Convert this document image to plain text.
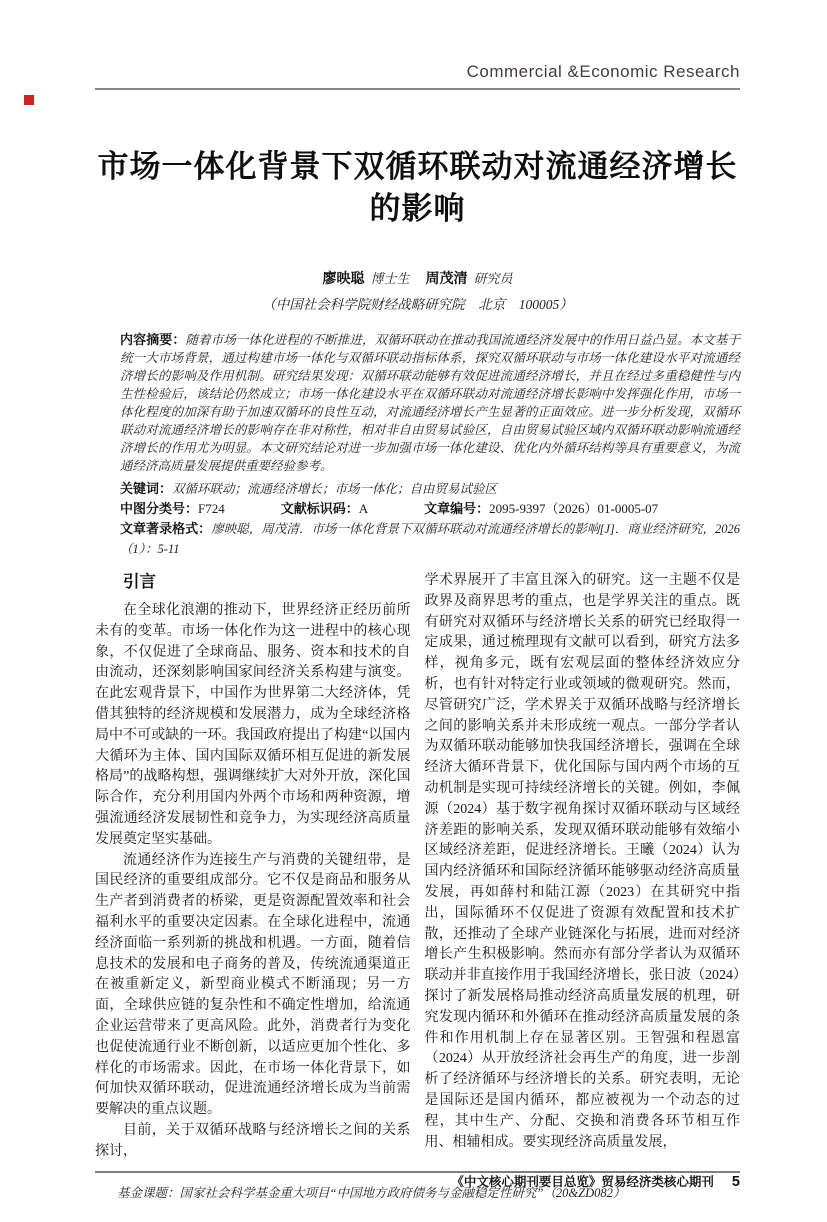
Commercial &Economic Research
市场一体化背景下双循环联动对流通经济增长的影响
廖映聪 博士生 周茂清 研究员
（中国社会科学院财经战略研究院　北京　100005）

内容摘要：随着市场一体化进程的不断推进，双循环联动在推动我国流通经济发展中的作用日益凸显。本文基于统一大市场背景，通过构建市场一体化与双循环联动指标体系，探究双循环联动与市场一体化建设水平对流通经济增长的影响及作用机制。研究结果发现：双循环联动能够有效促进流通经济增长，并且在经过多重稳健性与内生性检验后，该结论仍然成立；市场一体化建设水平在双循环联动对流通经济增长影响中发挥强化作用，市场一体化程度的加深有助于加速双循环的良性互动，对流通经济增长产生显著的正面效应。进一步分析发现，双循环联动对流通经济增长的影响存在非对称性，相对非自由贸易试验区，自由贸易试验区域内双循环联动影响流通经济增长的作用尤为明显。本文研究结论对进一步加强市场一体化建设、优化内外循环结构等具有重要意义，为流通经济高质量发展提供重要经验参考。

关键词：双循环联动；流通经济增长；市场一体化；自由贸易试验区

中图分类号：F724	文献标识码：A	文章编号：2095-9397（2026）01-0005-07

文章著录格式：廖映聪，周茂清．市场一体化背景下双循环联动对流通经济增长的影响[J]．商业经济研究，2026（1）：5-11

引言

在全球化浪潮的推动下，世界经济正经历前所未有的变革。市场一体化作为这一进程中的核心现象，不仅促进了全球商品、服务、资本和技术的自由流动，还深刻影响国家间经济关系构建与演变。在此宏观背景下，中国作为世界第二大经济体，凭借其独特的经济规模和发展潜力，成为全球经济格局中不可或缺的一环。我国政府提出了构建“以国内大循环为主体、国内国际双循环相互促进的新发展格局”的战略构想，强调继续扩大对外开放，深化国际合作，充分利用国内外两个市场和两种资源，增强流通经济发展韧性和竞争力，为实现经济高质量发展奠定坚实基础。

流通经济作为连接生产与消费的关键纽带，是国民经济的重要组成部分。它不仅是商品和服务从生产者到消费者的桥梁，更是资源配置效率和社会福利水平的重要决定因素。在全球化进程中，流通经济面临一系列新的挑战和机遇。一方面，随着信息技术的发展和电子商务的普及，传统流通渠道正在被重新定义，新型商业模式不断涌现；另一方面，全球供应链的复杂性和不确定性增加，给流通企业运营带来了更高风险。此外，消费者行为变化也促使流通行业不断创新，以适应更加个性化、多样化的市场需求。因此，在市场一体化背景下，如何加快双循环联动，促进流通经济增长成为当前需要解决的重点议题。

目前，关于双循环战略与经济增长之间的关系探讨，

学术界展开了丰富且深入的研究。这一主题不仅是政界及商界思考的重点，也是学界关注的重点。既有研究对双循环与经济增长关系的研究已经取得一定成果，通过梳理现有文献可以看到，研究方法多样，视角多元，既有宏观层面的整体经济效应分析，也有针对特定行业或领域的微观研究。然而，尽管研究广泛，学术界关于双循环战略与经济增长之间的影响关系并未形成统一观点。一部分学者认为双循环联动能够加快我国经济增长，强调在全球经济大循环背景下，优化国际与国内两个市场的互动机制是实现可持续经济增长的关键。例如，李佩源（2024）基于数字视角探讨双循环联动与区域经济差距的影响关系，发现双循环联动能够有效缩小区域经济差距，促进经济增长。王曦（2024）认为国内经济循环和国际经济循环能够驱动经济高质量发展，再如薛村和陆江源（2023）在其研究中指出，国际循环不仅促进了资源有效配置和技术扩散，还推动了全球产业链深化与拓展，进而对经济增长产生积极影响。然而亦有部分学者认为双循环联动并非直接作用于我国经济增长，张日波（2024）探讨了新发展格局推动经济高质量发展的机理，研究发现内循环和外循环在推动经济高质量发展的条件和作用机制上存在显著区别。王智强和程恩富（2024）从开放经济社会再生产的角度，进一步剖析了经济循环与经济增长的关系。研究表明，无论是国际还是国内循环，都应被视为一个动态的过程，其中生产、分配、交换和消费各环节相互作用、相辅相成。要实现经济高质量发展，

基金课题：国家社会科学基金重大项目“中国地方政府债务与金融稳定性研究”（20&ZD082）

《中文核心期刊要目总览》贸易经济类核心期刊 5
